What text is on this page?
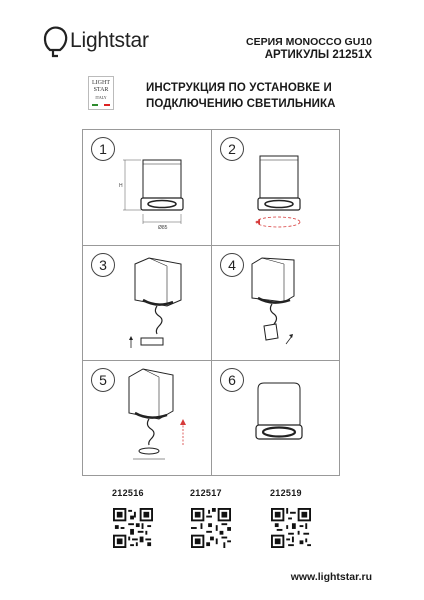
Lightstar	СЕРИЯ MONOCCO GU10
АРТИКУЛЫ 21251X
LIGHT
STAR
ITALY
ИНСТРУКЦИЯ ПО УСТАНОВКЕ И
ПОДКЛЮЧЕНИЮ СВЕТИЛЬНИКА
H
Ø85
1	2
3	4
5	6
212516	212517	212519
www.lightstar.ru
